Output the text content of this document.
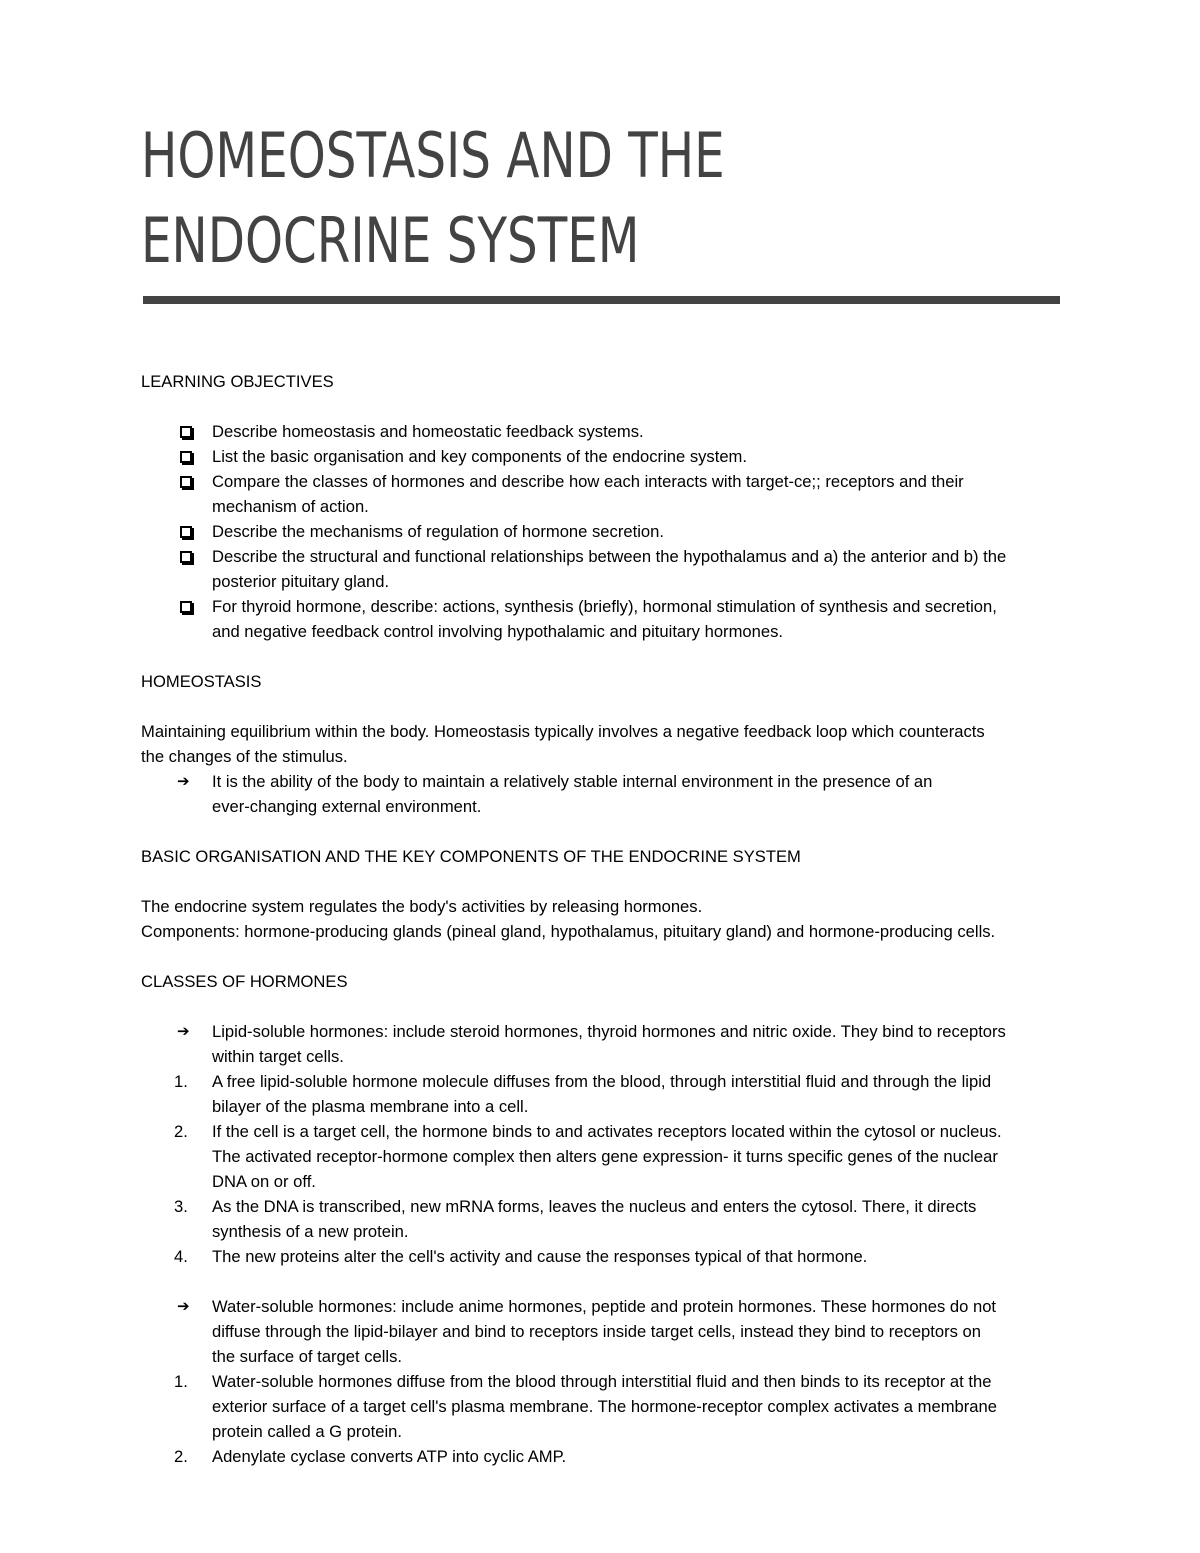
HOMEOSTASIS AND THE
ENDOCRINE SYSTEM

LEARNING OBJECTIVES

Describe homeostasis and homeostatic feedback systems.
List the basic organisation and key components of the endocrine system.
Compare the classes of hormones and describe how each interacts with target-ce;; receptors and their
mechanism of action.
Describe the mechanisms of regulation of hormone secretion.
Describe the structural and functional relationships between the hypothalamus and a) the anterior and b) the
posterior pituitary gland.
For thyroid hormone, describe: actions, synthesis (briefly), hormonal stimulation of synthesis and secretion,
and negative feedback control involving hypothalamic and pituitary hormones.

HOMEOSTASIS

Maintaining equilibrium within the body. Homeostasis typically involves a negative feedback loop which counteracts
the changes of the stimulus.

➔ It is the ability of the body to maintain a relatively stable internal environment in the presence of an
ever-changing external environment.

BASIC ORGANISATION AND THE KEY COMPONENTS OF THE ENDOCRINE SYSTEM

The endocrine system regulates the body's activities by releasing hormones.
Components: hormone-producing glands (pineal gland, hypothalamus, pituitary gland) and hormone-producing cells.

CLASSES OF HORMONES

➔ Lipid-soluble hormones: include steroid hormones, thyroid hormones and nitric oxide. They bind to receptors
within target cells.
1. A free lipid-soluble hormone molecule diffuses from the blood, through interstitial fluid and through the lipid
bilayer of the plasma membrane into a cell.
2. If the cell is a target cell, the hormone binds to and activates receptors located within the cytosol or nucleus.
The activated receptor-hormone complex then alters gene expression- it turns specific genes of the nuclear
DNA on or off.
3. As the DNA is transcribed, new mRNA forms, leaves the nucleus and enters the cytosol. There, it directs
synthesis of a new protein.
4. The new proteins alter the cell's activity and cause the responses typical of that hormone.
➔ Water-soluble hormones: include anime hormones, peptide and protein hormones. These hormones do not
diffuse through the lipid-bilayer and bind to receptors inside target cells, instead they bind to receptors on
the surface of target cells.
1. Water-soluble hormones diffuse from the blood through interstitial fluid and then binds to its receptor at the
exterior surface of a target cell's plasma membrane. The hormone-receptor complex activates a membrane
protein called a G protein.
2. Adenylate cyclase converts ATP into cyclic AMP.
